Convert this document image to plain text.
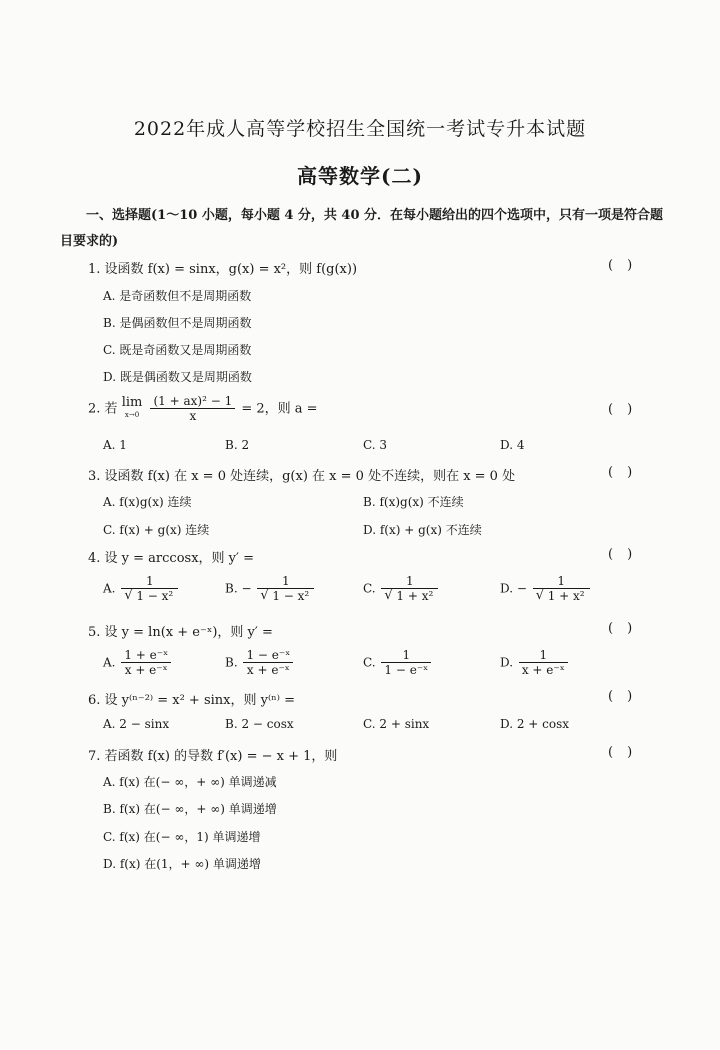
2022年成人高等学校招生全国统一考试专升本试题
高等数学(二)
一、选择题(1～10 小题，每小题 4 分，共 40 分．在每小题给出的四个选项中，只有一项是符合题
目要求的)
1. 设函数 f(x) = sinx，g(x) = x²，则 f(g(x))	()
A. 是奇函数但不是周期函数
B. 是偶函数但不是周期函数
C. 既是奇函数又是周期函数
D. 既是偶函数又是周期函数
2. 若 lim
x→0
$\frac{\text{(1 + ax)² − 1}}{x} = 2$，则 a =	()
A. 1	B. 2	C. 3	D. 4
3. 设函数 f(x) 在 x = 0 处连续，g(x) 在 x = 0 处不连续，则在 x = 0 处	()
A. f(x)g(x) 连续	B. f(x)g(x) 不连续
C. f(x) + g(x) 连续	D. f(x) + g(x) 不连续
4. 设 y = arccosx，则 y′ =	()
A. $\frac{1}{\text{√ 1 − x²}}$	B. − $\frac{1}{\text{√ 1 − x²}}$	C. $\frac{1}{\text{√ 1 + x²}}$	D. − $\frac{1}{\text{√ 1 + x²}}$
5. 设 y = ln(x + e⁻ˣ)，则 y′ =	()
A. $\frac{\text{1 + e⁻ˣ}}{\text{x + e⁻ˣ}}$	B. $\frac{\text{1 − e⁻ˣ}}{\text{x + e⁻ˣ}}$	C. $\frac{1}{\text{1 − e⁻ˣ}}$	D. $\frac{1}{\text{x + e⁻ˣ}}$
6. 设 y⁽ⁿ⁻²⁾ = x² + sinx，则 y⁽ⁿ⁾ =	()
A. 2 − sinx	B. 2 − cosx	C. 2 + sinx	D. 2 + cosx
7. 若函数 f(x) 的导数 f′(x) = − x + 1，则	()
A. f(x) 在(− ∞，+ ∞) 单调递减
B. f(x) 在(− ∞，+ ∞) 单调递增
C. f(x) 在(− ∞，1) 单调递增
D. f(x) 在(1，+ ∞) 单调递增
